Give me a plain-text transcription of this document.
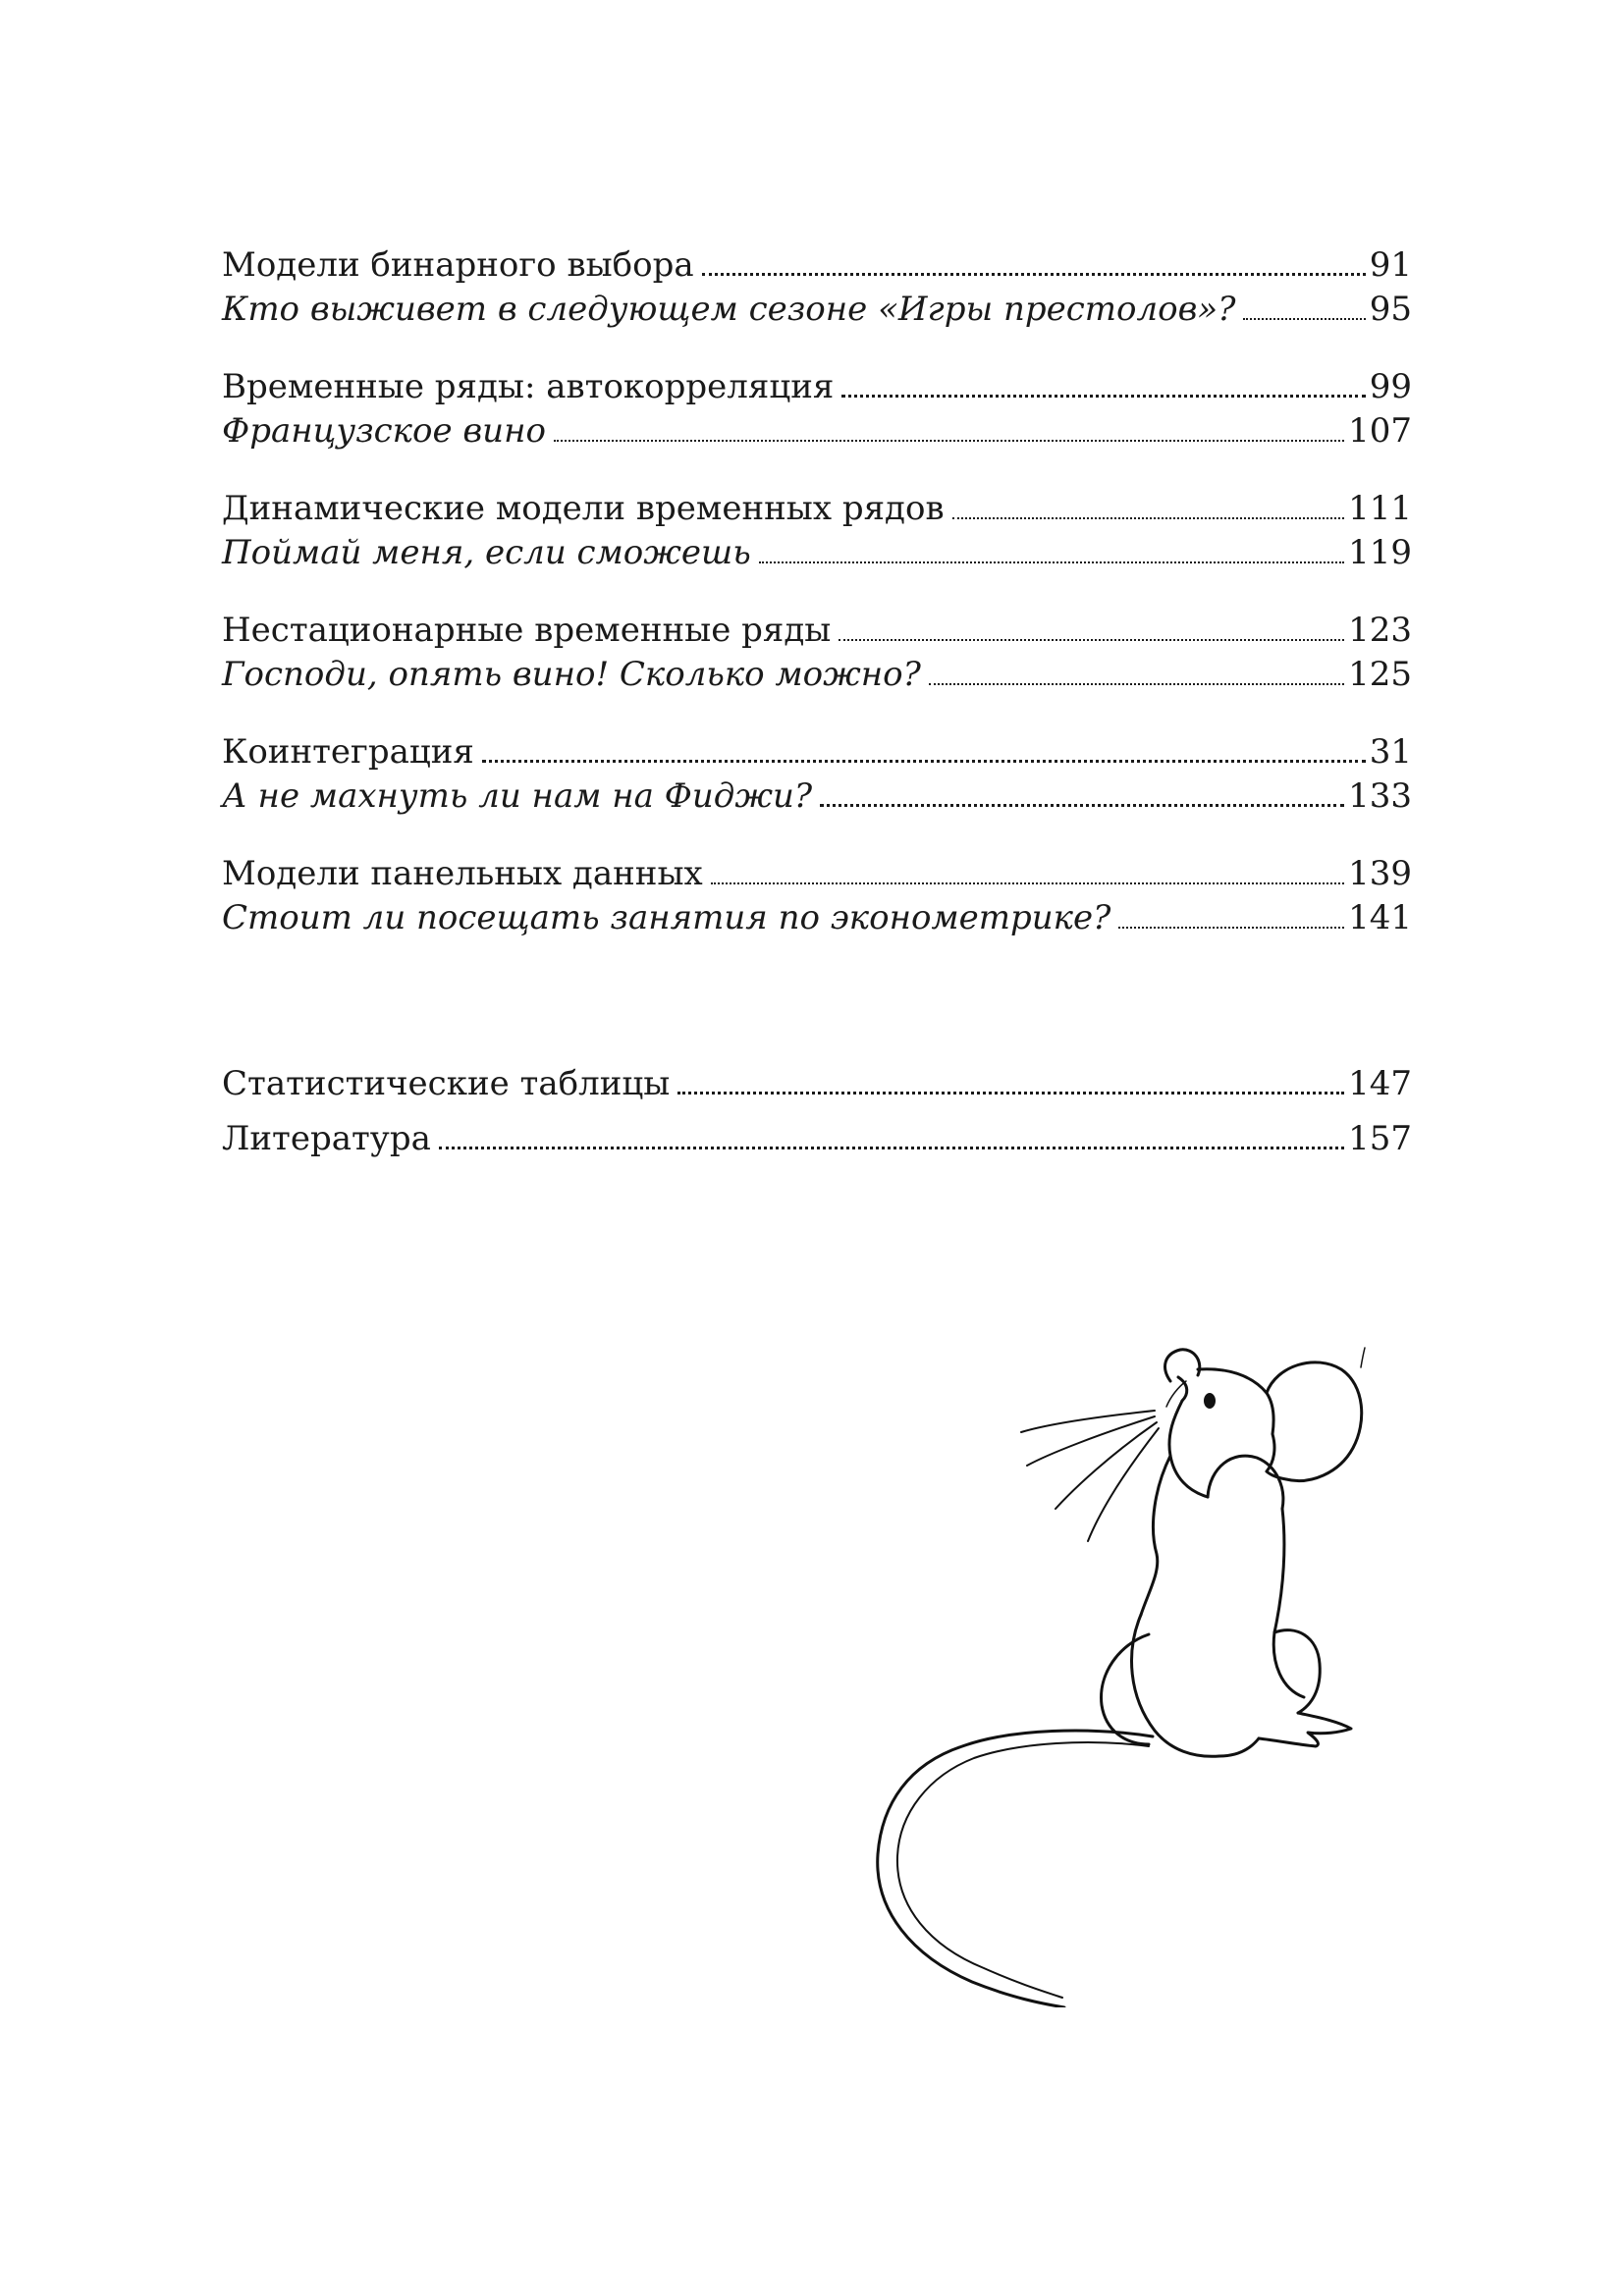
Модели бинарного выбора	91
Кто выживет в следующем сезоне «Игры престолов»?	95
Временные ряды: автокорреляция	99
Французское вино	107
Динамические модели временных рядов	111
Поймай меня, если сможешь	119
Нестационарные временные ряды	123
Господи, опять вино! Сколько можно?	125
Коинтеграция	31
А не махнуть ли нам на Фиджи?	133
Модели панельных данных	139
Стоит ли посещать занятия по эконометрике?	141
Статистические таблицы	147
Литература	157
